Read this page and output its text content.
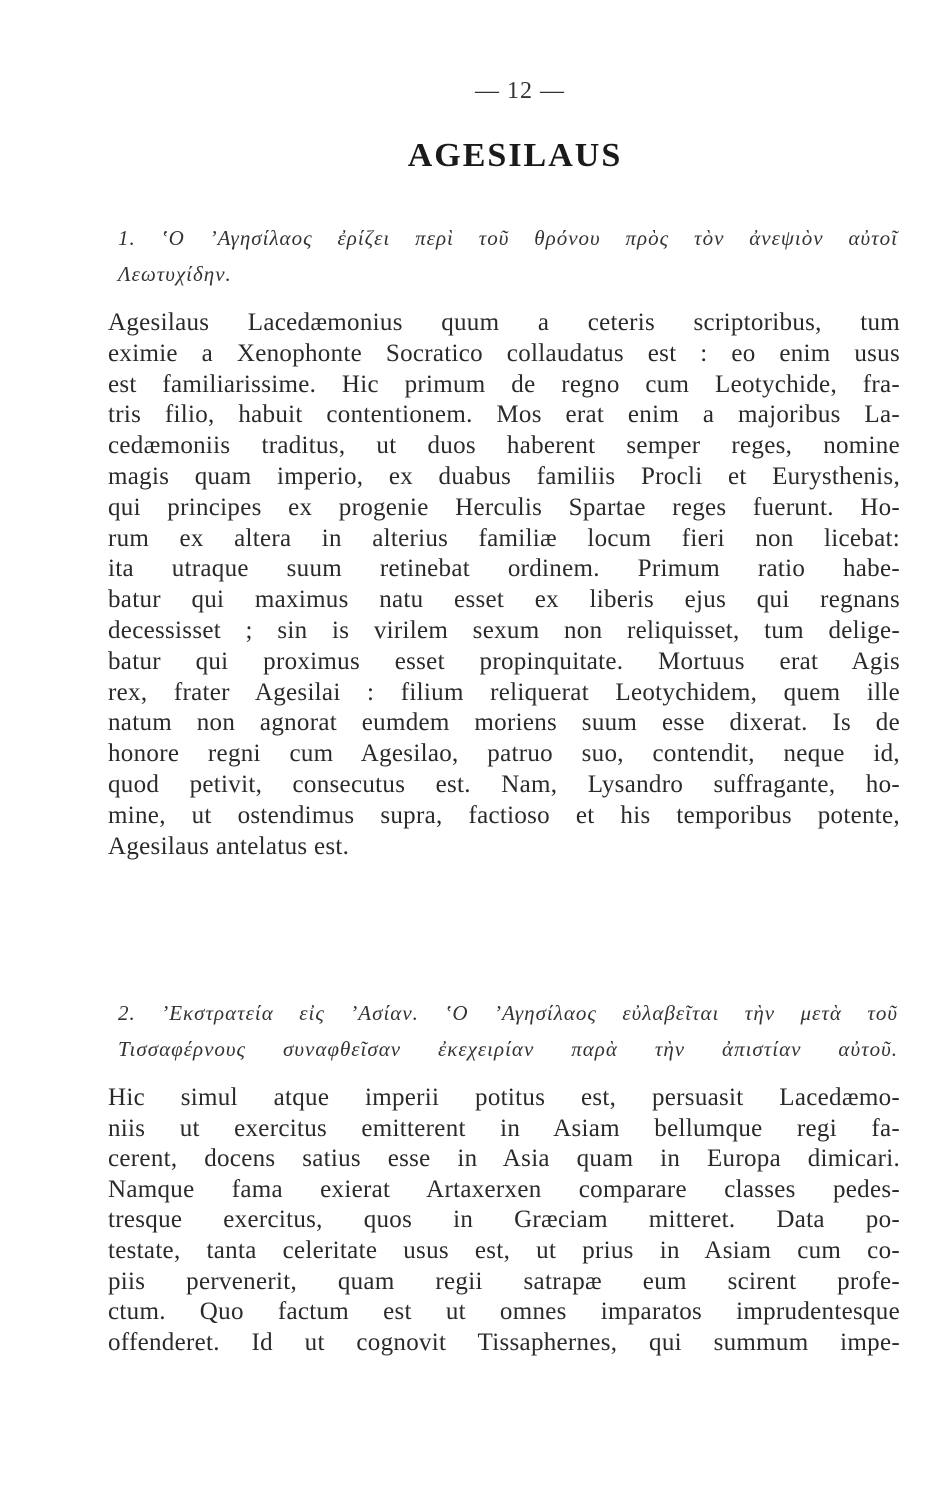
— 12 —
AGESILAUS
1. ʽΟ ʼΑγησίλαος ἐρίζει περὶ τοῦ θρόνου πρὸς τὸν ἀνεψιὸν αὐτοῖ
Λεωτυχίδην.
Agesilaus Lacedæmonius quum a ceteris scriptoribus, tum
eximie a Xenophonte Socratico collaudatus est : eo enim usus
est familiarissime. Hic primum de regno cum Leotychide, fra-
tris filio, habuit contentionem. Mos erat enim a majoribus La-
cedæmoniis traditus, ut duos haberent semper reges, nomine
magis quam imperio, ex duabus familiis Procli et Eurysthenis,
qui principes ex progenie Herculis Spartae reges fuerunt. Ho-
rum ex altera in alterius familiæ locum fieri non licebat:
ita utraque suum retinebat ordinem. Primum ratio habe-
batur qui maximus natu esset ex liberis ejus qui regnans
decessisset ; sin is virilem sexum non reliquisset, tum delige-
batur qui proximus esset propinquitate. Mortuus erat Agis
rex, frater Agesilai : filium reliquerat Leotychidem, quem ille
natum non agnorat eumdem moriens suum esse dixerat. Is de
honore regni cum Agesilao, patruo suo, contendit, neque id,
quod petivit, consecutus est. Nam, Lysandro suffragante, ho-
mine, ut ostendimus supra, factioso et his temporibus potente,
Agesilaus antelatus est.
2. ʼΕκστρατεία εἰς ʼΑσίαν. ʽΟ ʼΑγησίλαος εὐλαβεῖται τὴν μετὰ τοῦ
Τισσαφέρνους συναφθεῖσαν ἐκεχειρίαν παρὰ τὴν ἀπιστίαν αὐτοῦ.
Hic simul atque imperii potitus est, persuasit Lacedæmo-
niis ut exercitus emitterent in Asiam bellumque regi fa-
cerent, docens satius esse in Asia quam in Europa dimicari.
Namque fama exierat Artaxerxen comparare classes pedes-
tresque exercitus, quos in Græciam mitteret. Data po-
testate, tanta celeritate usus est, ut prius in Asiam cum co-
piis pervenerit, quam regii satrapæ eum scirent profe-
ctum. Quo factum est ut omnes imparatos imprudentesque
offenderet. Id ut cognovit Tissaphernes, qui summum impe-
